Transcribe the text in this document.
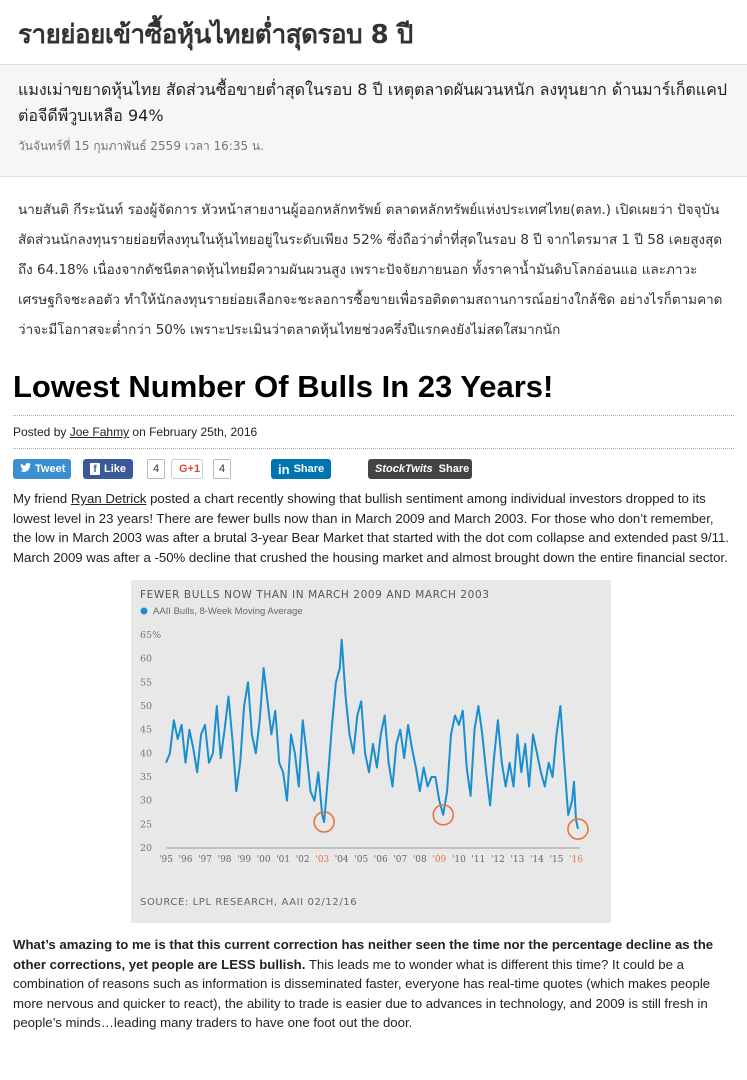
รายย่อยเข้าซื้อหุ้นไทยต่ำสุดรอบ 8 ปี
แมงเม่าขยาดหุ้นไทย สัดส่วนซื้อขายต่ำสุดในรอบ 8 ปี เหตุตลาดผันผวนหนัก ลงทุนยาก ด้านมาร์เก็ตแคปต่อจีดีพีวูบเหลือ 94%
วันจันทร์ที่ 15 กุมภาพันธ์ 2559 เวลา 16:35 น.
นายสันติ กีระนันท์ รองผู้จัดการ หัวหน้าสายงานผู้ออกหลักทรัพย์ ตลาดหลักทรัพย์แห่งประเทศไทย(ตลท.) เปิดเผยว่า ปัจจุบันสัดส่วนนักลงทุนรายย่อยที่ลงทุนในหุ้นไทยอยู่ในระดับเพียง 52% ซึ่งถือว่าต่ำที่สุดในรอบ 8 ปี จากไตรมาส 1 ปี 58 เคยสูงสุดถึง 64.18% เนื่องจากดัชนีตลาดหุ้นไทยมีความผันผวนสูง เพราะปัจจัยภายนอก ทั้งราคาน้ำมันดิบโลกอ่อนแอ และภาวะเศรษฐกิจชะลอตัว ทำให้นักลงทุนรายย่อยเลือกจะชะลอการซื้อขายเพื่อรอติดตามสถานการณ์อย่างใกล้ชิด อย่างไรก็ตามคาดว่าจะมีโอกาสจะต่ำกว่า 50% เพราะประเมินว่าตลาดหุ้นไทยช่วงครึ่งปีแรกคงยังไม่สดใสมากนัก
Lowest Number Of Bulls In 23 Years!
Posted by Joe Fahmy on February 25th, 2016
Tweet	f Like	4	G+1	4	in Share	StockTwits Share

My friend Ryan Detrick posted a chart recently showing that bullish sentiment among individual investors dropped to its lowest level in 23 years! There are fewer bulls now than in March 2009 and March 2003. For those who don’t remember, the low in March 2003 was after a brutal 3-year Bear Market that started with the dot com collapse and extended past 9/11. March 2009 was after a -50% decline that crushed the housing market and almost brought down the entire financial sector.

FEWER BULLS NOW THAN IN MARCH 2009 AND MARCH 2003
AAII Bulls, 8-Week Moving Average
65%
60
55
50
45
40
35
30
25
20
'95 '96 '97 '98 '99 '00 '01 '02 '03 '04 '05 '06 '07 '08 '09 '10 '11 '12 '13 '14 '15 '16
SOURCE: LPL RESEARCH, AAII 02/12/16

What’s amazing to me is that this current correction has neither seen the time nor the percentage decline as the other corrections, yet people are LESS bullish. This leads me to wonder what is different this time? It could be a combination of reasons such as information is disseminated faster, everyone has real-time quotes (which makes people more nervous and quicker to react), the ability to trade is easier due to advances in technology, and 2009 is still fresh in people’s minds…leading many traders to have one foot out the door.
